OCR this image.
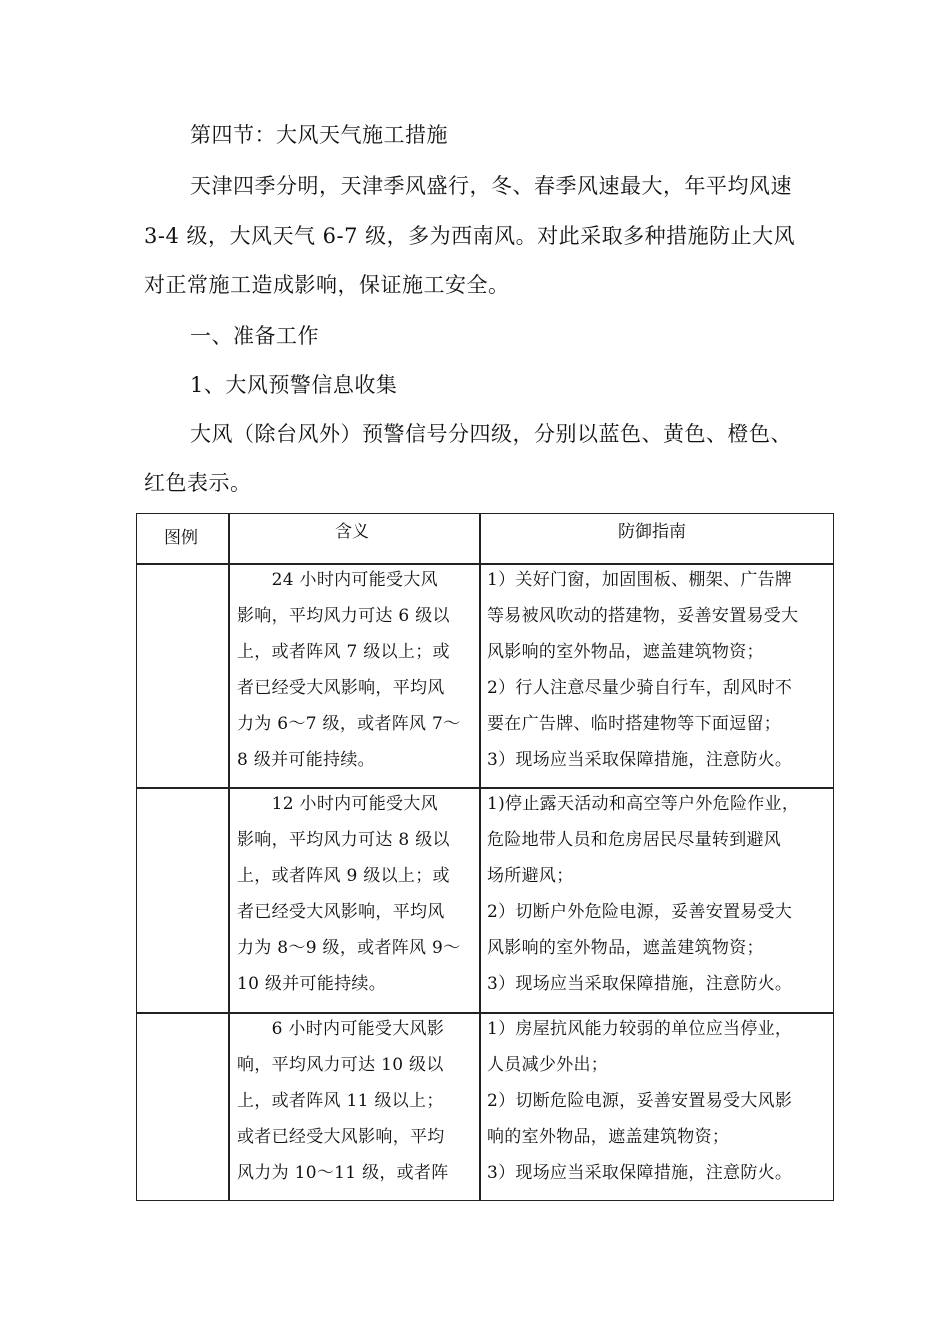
第四节：大风天气施工措施
天津四季分明，天津季风盛行，冬、春季风速最大，年平均风速
3-4 级，大风天气 6-7 级，多为西南风。对此采取多种措施防止大风
对正常施工造成影响，保证施工安全。
一、准备工作
1、大风预警信息收集
大风（除台风外）预警信号分四级，分别以蓝色、黄色、橙色、
红色表示。
图例	含义	防御指南
　　24 小时内可能受大风
影响，平均风力可达 6 级以
上，或者阵风 7 级以上；或
者已经受大风影响，平均风
力为 6～7 级，或者阵风 7～
8 级并可能持续。
1）关好门窗，加固围板、棚架、广告牌
等易被风吹动的搭建物，妥善安置易受大
风影响的室外物品，遮盖建筑物资；
2）行人注意尽量少骑自行车，刮风时不
要在广告牌、临时搭建物等下面逗留；
3）现场应当采取保障措施，注意防火。
　　12 小时内可能受大风
影响，平均风力可达 8 级以
上，或者阵风 9 级以上；或
者已经受大风影响，平均风
力为 8～9 级，或者阵风 9～
10 级并可能持续。
1)停止露天活动和高空等户外危险作业，
危险地带人员和危房居民尽量转到避风
场所避风；
2）切断户外危险电源，妥善安置易受大
风影响的室外物品，遮盖建筑物资；
3）现场应当采取保障措施，注意防火。
　　6 小时内可能受大风影
响，平均风力可达 10 级以
上，或者阵风 11 级以上；
或者已经受大风影响，平均
风力为 10～11 级，或者阵
1）房屋抗风能力较弱的单位应当停业，
人员减少外出；
2）切断危险电源，妥善安置易受大风影
响的室外物品，遮盖建筑物资；
3）现场应当采取保障措施，注意防火。
